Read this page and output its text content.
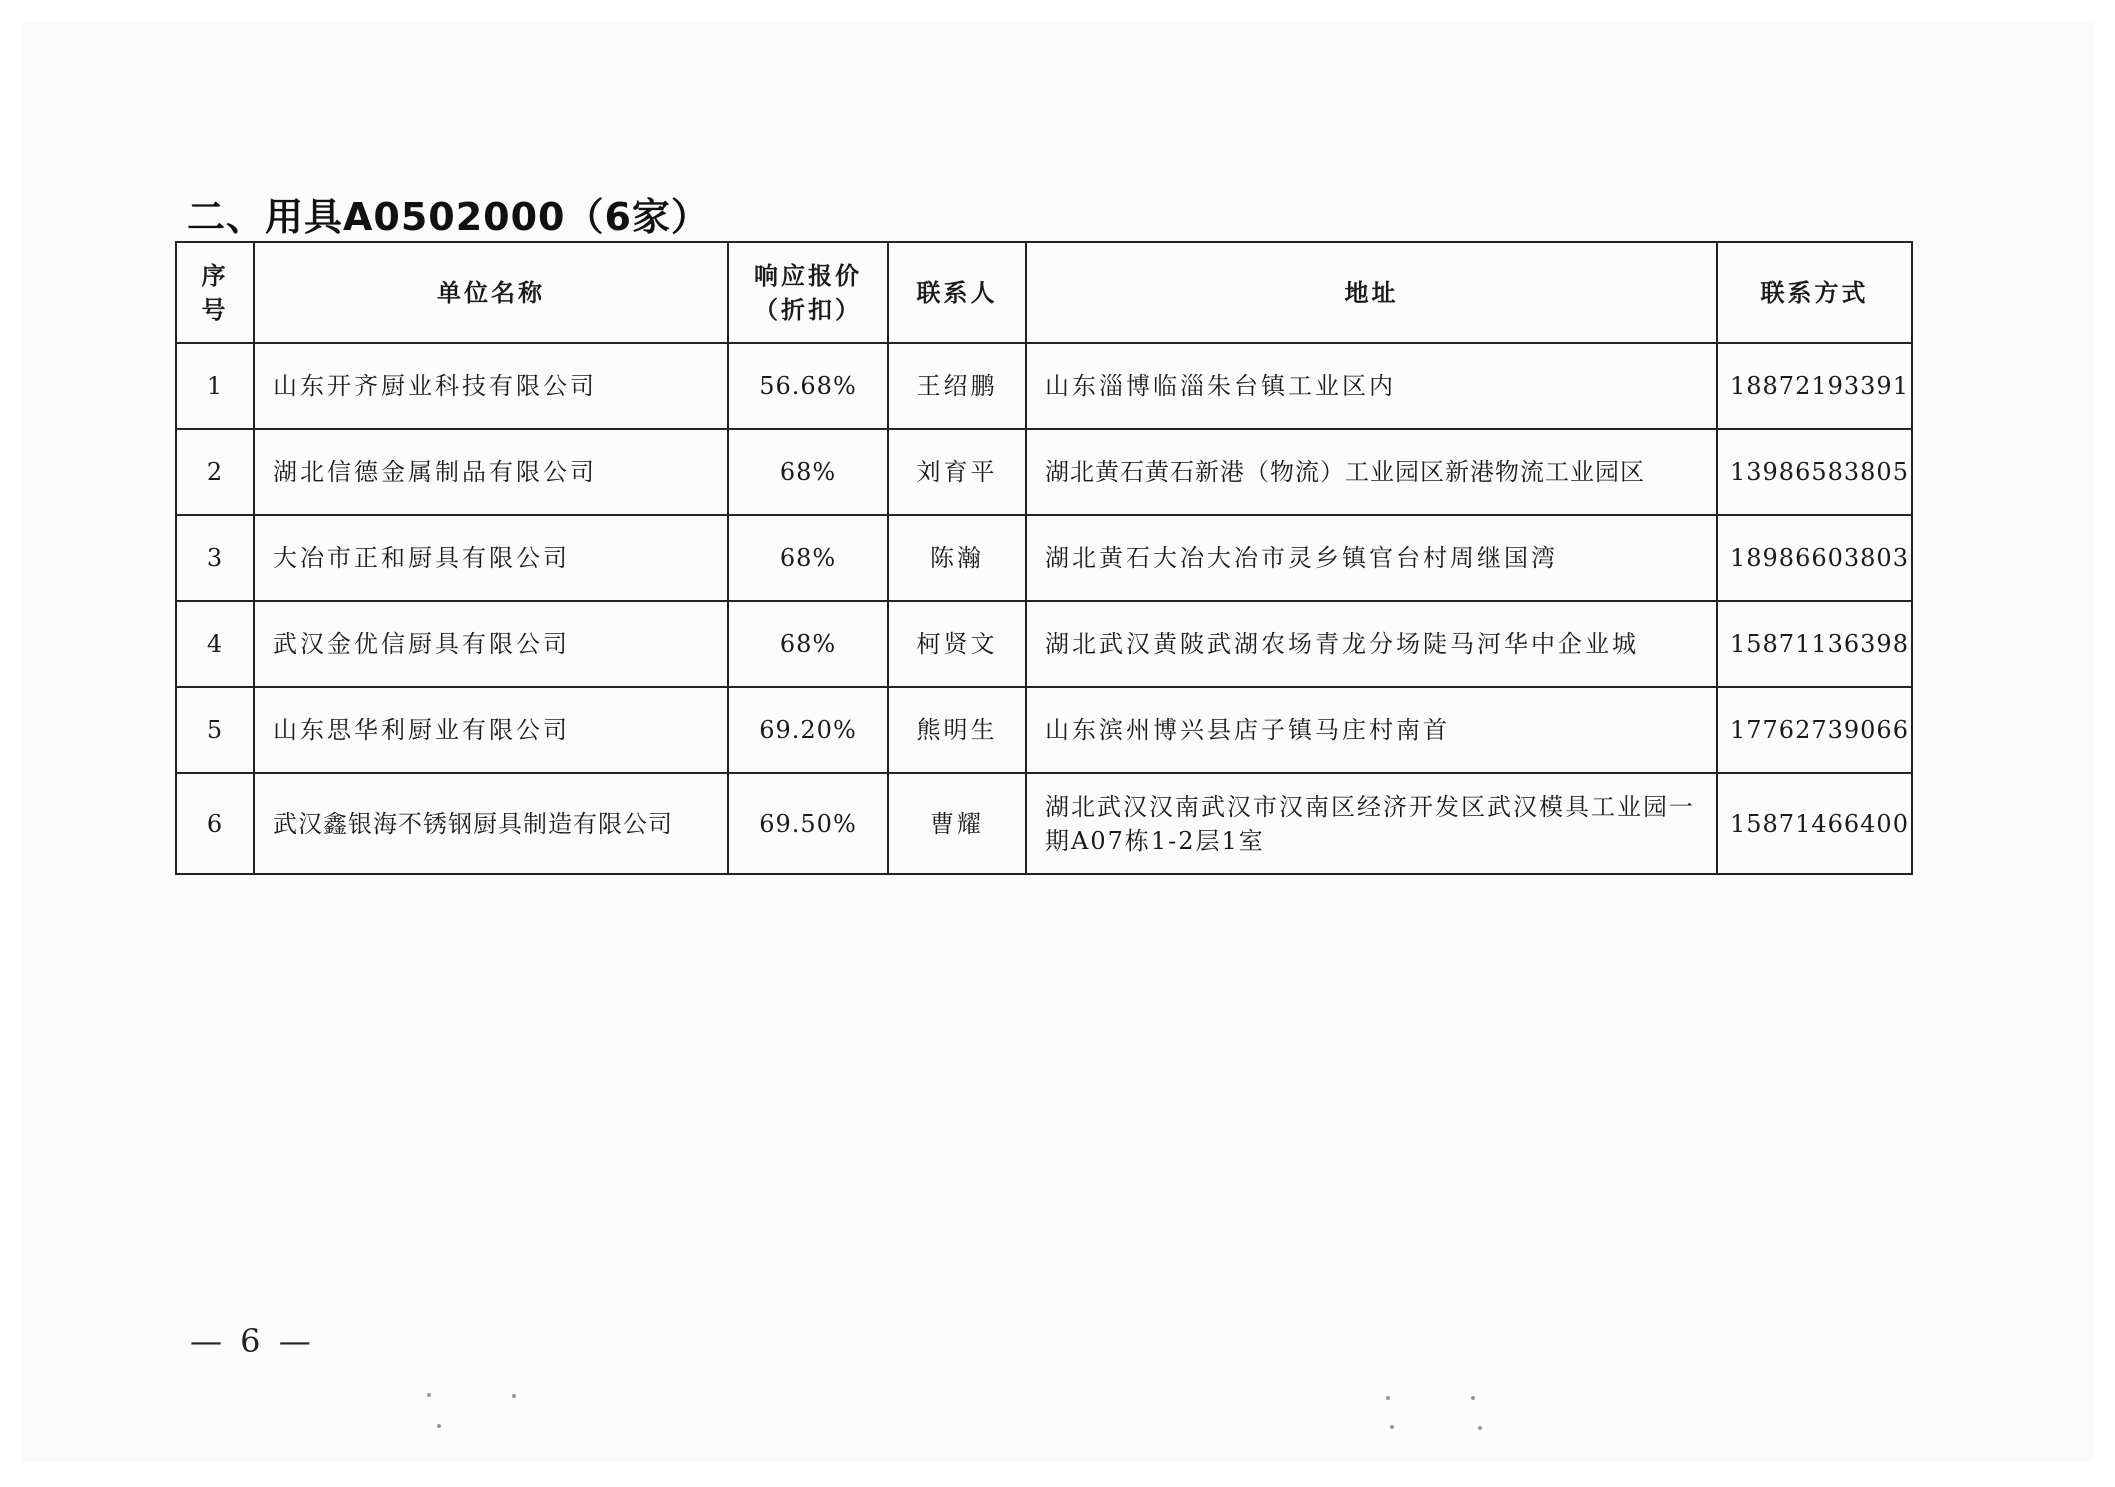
二、用具A0502000（6家）
序号	单位名称	响应报价（折扣）	联系人	地址	联系方式
1	山东开齐厨业科技有限公司	56.68%	王绍鹏	山东淄博临淄朱台镇工业区内	18872193391
2	湖北信德金属制品有限公司	68%	刘育平	湖北黄石黄石新港（物流）工业园区新港物流工业园区	13986583805
3	大冶市正和厨具有限公司	68%	陈瀚	湖北黄石大冶大冶市灵乡镇官台村周继国湾	18986603803
4	武汉金优信厨具有限公司	68%	柯贤文	湖北武汉黄陂武湖农场青龙分场陡马河华中企业城	15871136398
5	山东思华利厨业有限公司	69.20%	熊明生	山东滨州博兴县店子镇马庄村南首	17762739066
6	武汉鑫银海不锈钢厨具制造有限公司	69.50%	曹耀	湖北武汉汉南武汉市汉南区经济开发区武汉模具工业园一期A07栋1-2层1室	15871466400
— 6 —
